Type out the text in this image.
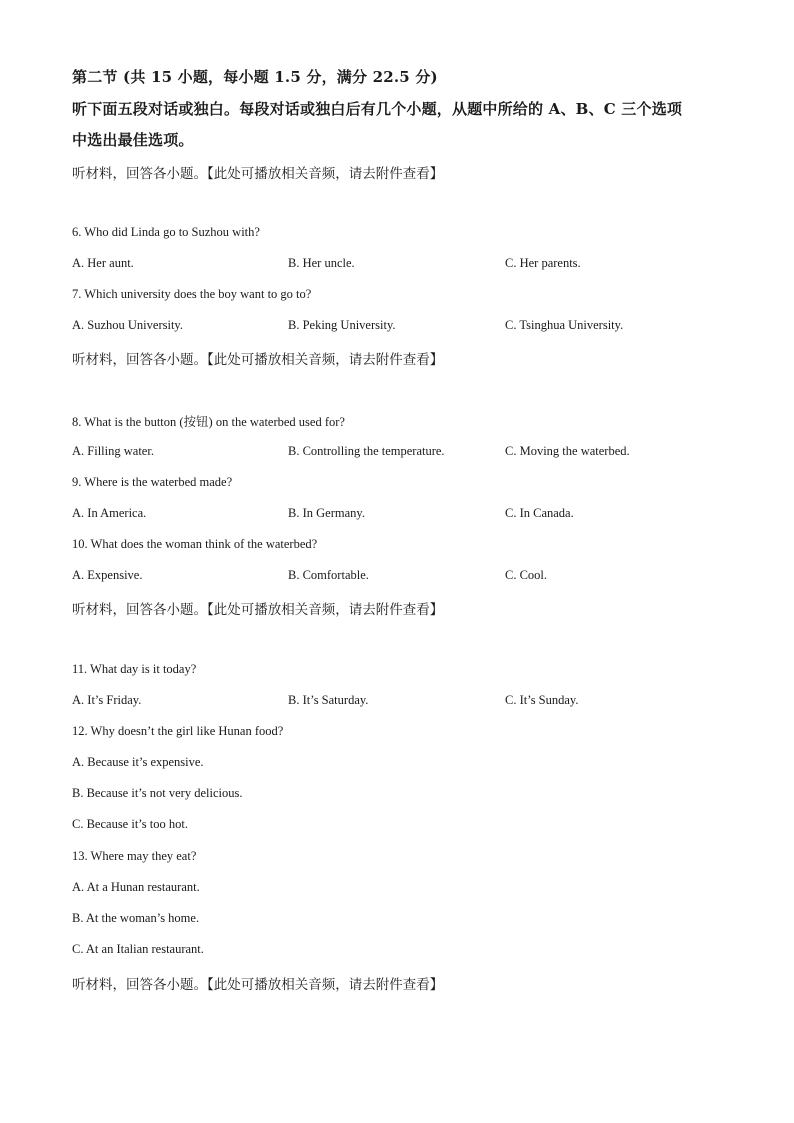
第二节 (共 15 小题，每小题 1.5 分，满分 22.5 分)
听下面五段对话或独白。每段对话或独白后有几个小题，从题中所给的 A、B、C 三个选项
中选出最佳选项。
听材料，回答各小题。【此处可播放相关音频，请去附件查看】
6. Who did Linda go to Suzhou with?
A. Her aunt.	B. Her uncle.	C. Her parents.
7. Which university does the boy want to go to?
A. Suzhou University.	B. Peking University.	C. Tsinghua University.
听材料，回答各小题。【此处可播放相关音频，请去附件查看】
8. What is the button (按钮) on the waterbed used for?
A. Filling water.	B. Controlling the temperature.	C. Moving the waterbed.
9. Where is the waterbed made?
A. In America.	B. In Germany.	C. In Canada.
10. What does the woman think of the waterbed?
A. Expensive.	B. Comfortable.	C. Cool.
听材料，回答各小题。【此处可播放相关音频，请去附件查看】
11. What day is it today?
A. It’s Friday.	B. It’s Saturday.	C. It’s Sunday.
12. Why doesn’t the girl like Hunan food?
A. Because it’s expensive.
B. Because it’s not very delicious.
C. Because it’s too hot.
13. Where may they eat?
A. At a Hunan restaurant.
B. At the woman’s home.
C. At an Italian restaurant.
听材料，回答各小题。【此处可播放相关音频，请去附件查看】
